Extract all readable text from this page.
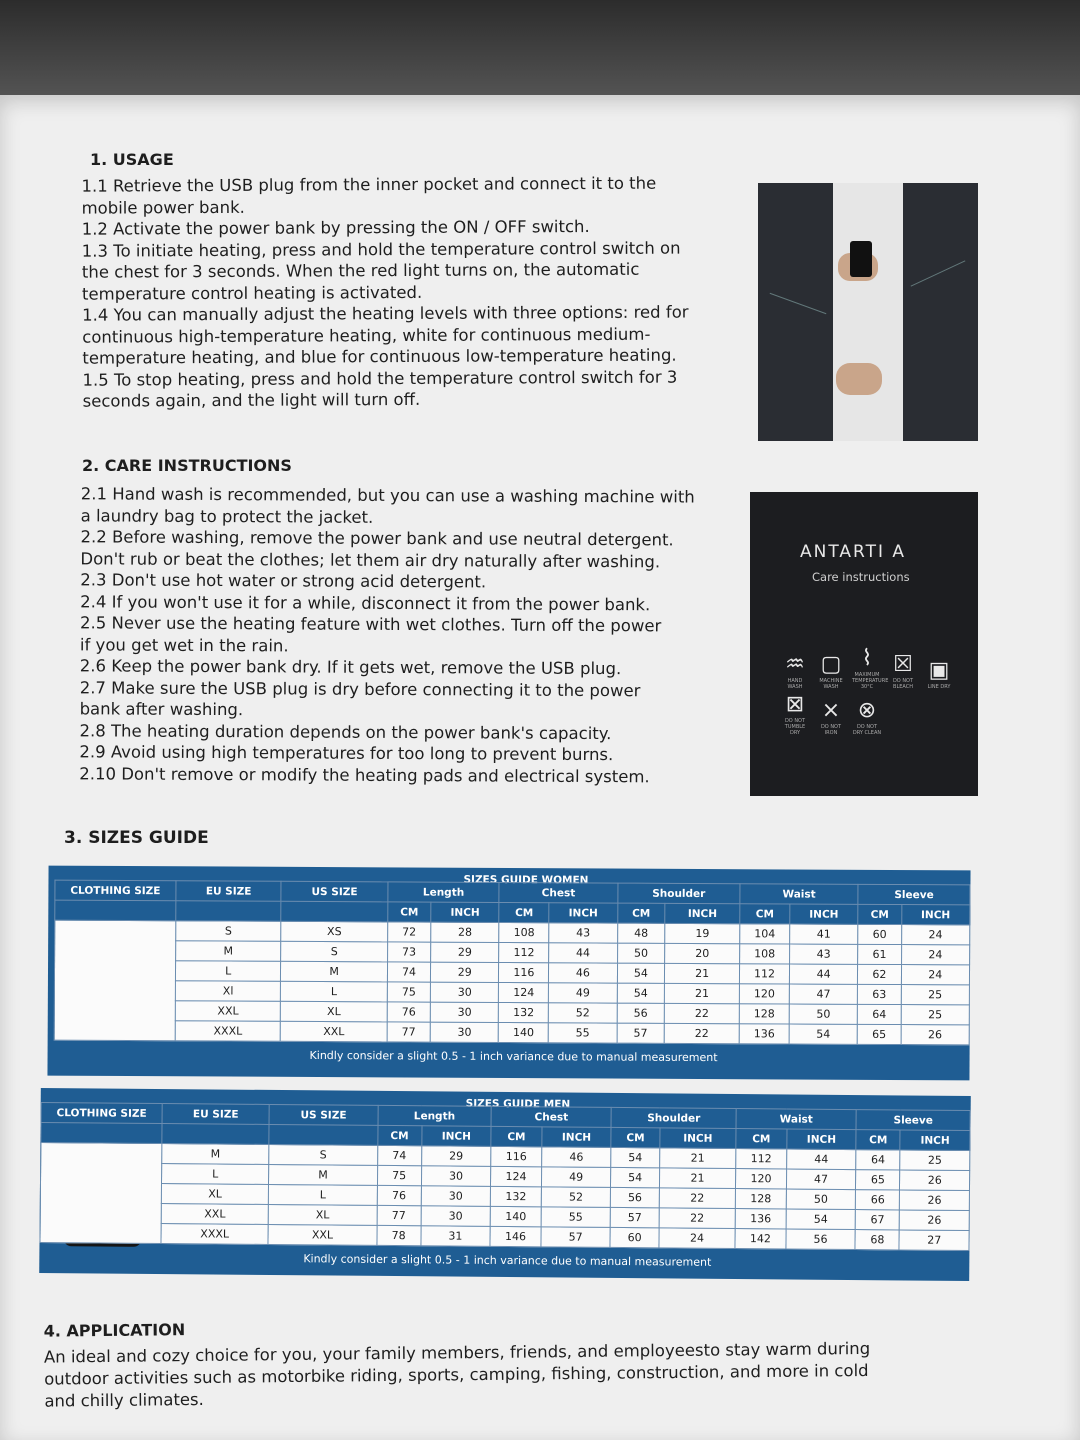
1. USAGE

1.1 Retrieve the USB plug from the inner pocket and connect it to the

mobile power bank.

1.2 Activate the power bank by pressing the ON / OFF switch.

1.3 To initiate heating, press and hold the temperature control switch on

the chest for 3 seconds. When the red light turns on, the automatic

temperature control heating is activated.

1.4 You can manually adjust the heating levels with three options: red for

continuous high-temperature heating, white for continuous medium-

temperature heating, and blue for continuous low-temperature heating.

1.5 To stop heating, press and hold the temperature control switch for 3

seconds again, and the light will turn off.

2. CARE INSTRUCTIONS

2.1 Hand wash is recommended, but you can use a washing machine with

a laundry bag to protect the jacket.

2.2 Before washing, remove the power bank and use neutral detergent.

Don't rub or beat the clothes; let them air dry naturally after washing.

2.3 Don't use hot water or strong acid detergent.

2.4 If you won't use it for a while, disconnect it from the power bank.

2.5 Never use the heating feature with wet clothes. Turn off the power

if you get wet in the rain.

2.6 Keep the power bank dry. If it gets wet, remove the USB plug.

2.7 Make sure the USB plug is dry before connecting it to the power

bank after washing.

2.8 The heating duration depends on the power bank's capacity.

2.9 Avoid using high temperatures for too long to prevent burns.

2.10 Don't remove or modify the heating pads and electrical system.

ANTARTI A
Care instructions
♒
HAND WASH
▢
MACHINE WASH
⌇
MAXIMUM TEMPERATURE 30°C
☒
DO NOT BLEACH
▣
LINE DRY
⊠
DO NOT TUMBLE DRY
⨯
DO NOT IRON
⊗
DO NOT DRY CLEAN
3. SIZES GUIDE
SIZES GUIDE WOMEN
CLOTHING SIZE	EU SIZE	US SIZE	Length		Chest		Shoulder		Waist		Sleeve	
			CM	INCH	CM	INCH	CM	INCH	CM	INCH	CM	INCH
	S	XS	72	28	108	43	48	19	104	41	60	24
	M	S	73	29	112	44	50	20	108	43	61	24
	L	M	74	29	116	46	54	21	112	44	62	24
	Xl	L	75	30	124	49	54	21	120	47	63	25
	XXL	XL	76	30	132	52	56	22	128	50	64	25
	XXXL	XXL	77	30	140	55	57	22	136	54	65	26
Kindly consider a slight 0.5 - 1 inch variance due to manual measurement
SIZES GUIDE MEN
CLOTHING SIZE	EU SIZE	US SIZE	Length		Chest		Shoulder		Waist		Sleeve	
			CM	INCH	CM	INCH	CM	INCH	CM	INCH	CM	INCH
	M	S	74	29	116	46	54	21	112	44	64	25
	L	M	75	30	124	49	54	21	120	47	65	26
	XL	L	76	30	132	52	56	22	128	50	66	26
	XXL	XL	77	30	140	55	57	22	136	54	67	26
	XXXL	XXL	78	31	146	57	60	24	142	56	68	27
Kindly consider a slight 0.5 - 1 inch variance due to manual measurement
4. APPLICATION
An ideal and cozy choice for you, your family members, friends, and employeesto stay warm during
outdoor activities such as motorbike riding, sports, camping, fishing, construction, and more in cold
and chilly climates.
